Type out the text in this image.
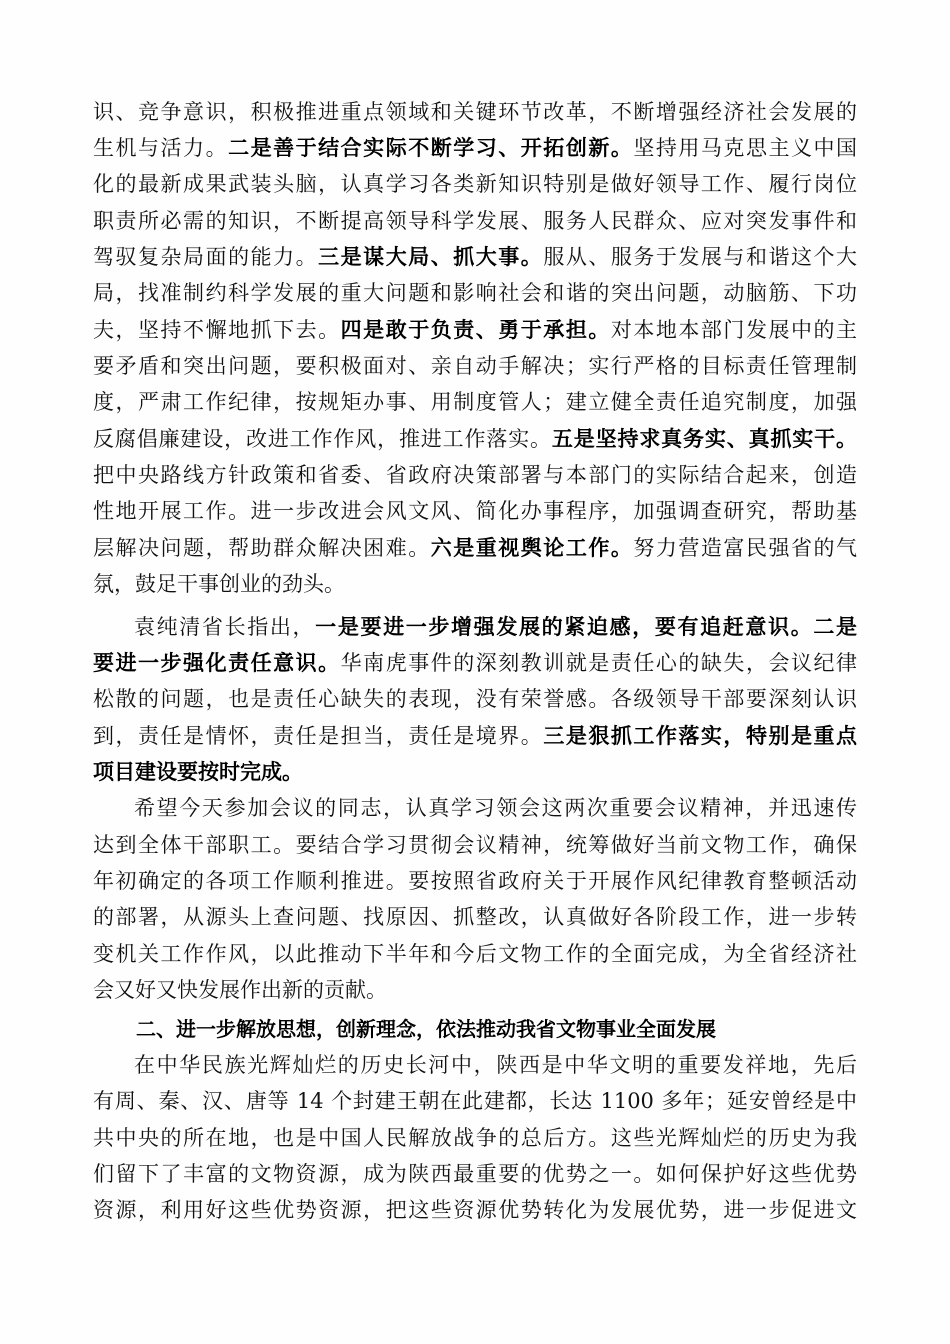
识、竞争意识，积极推进重点领域和关键环节改革，不断增强经济社会发展的
生机与活力。二是善于结合实际不断学习、开拓创新。坚持用马克思主义中国
化的最新成果武装头脑，认真学习各类新知识特别是做好领导工作、履行岗位
职责所必需的知识，不断提高领导科学发展、服务人民群众、应对突发事件和
驾驭复杂局面的能力。三是谋大局、抓大事。服从、服务于发展与和谐这个大
局，找准制约科学发展的重大问题和影响社会和谐的突出问题，动脑筋、下功
夫，坚持不懈地抓下去。四是敢于负责、勇于承担。对本地本部门发展中的主
要矛盾和突出问题，要积极面对、亲自动手解决；实行严格的目标责任管理制
度，严肃工作纪律，按规矩办事、用制度管人；建立健全责任追究制度，加强
反腐倡廉建设，改进工作作风，推进工作落实。五是坚持求真务实、真抓实干。
把中央路线方针政策和省委、省政府决策部署与本部门的实际结合起来，创造
性地开展工作。进一步改进会风文风、简化办事程序，加强调查研究，帮助基
层解决问题，帮助群众解决困难。六是重视舆论工作。努力营造富民强省的气
氛，鼓足干事创业的劲头。
袁纯清省长指出，一是要进一步增强发展的紧迫感，要有追赶意识。二是
要进一步强化责任意识。华南虎事件的深刻教训就是责任心的缺失，会议纪律
松散的问题，也是责任心缺失的表现，没有荣誉感。各级领导干部要深刻认识
到，责任是情怀，责任是担当，责任是境界。三是狠抓工作落实，特别是重点
项目建设要按时完成。
希望今天参加会议的同志，认真学习领会这两次重要会议精神，并迅速传
达到全体干部职工。要结合学习贯彻会议精神，统筹做好当前文物工作，确保
年初确定的各项工作顺利推进。要按照省政府关于开展作风纪律教育整顿活动
的部署，从源头上查问题、找原因、抓整改，认真做好各阶段工作，进一步转
变机关工作作风，以此推动下半年和今后文物工作的全面完成，为全省经济社
会又好又快发展作出新的贡献。
二、进一步解放思想，创新理念，依法推动我省文物事业全面发展
在中华民族光辉灿烂的历史长河中，陕西是中华文明的重要发祥地，先后
有周、秦、汉、唐等 14 个封建王朝在此建都，长达 1100 多年；延安曾经是中
共中央的所在地，也是中国人民解放战争的总后方。这些光辉灿烂的历史为我
们留下了丰富的文物资源，成为陕西最重要的优势之一。如何保护好这些优势
资源，利用好这些优势资源，把这些资源优势转化为发展优势，进一步促进文
